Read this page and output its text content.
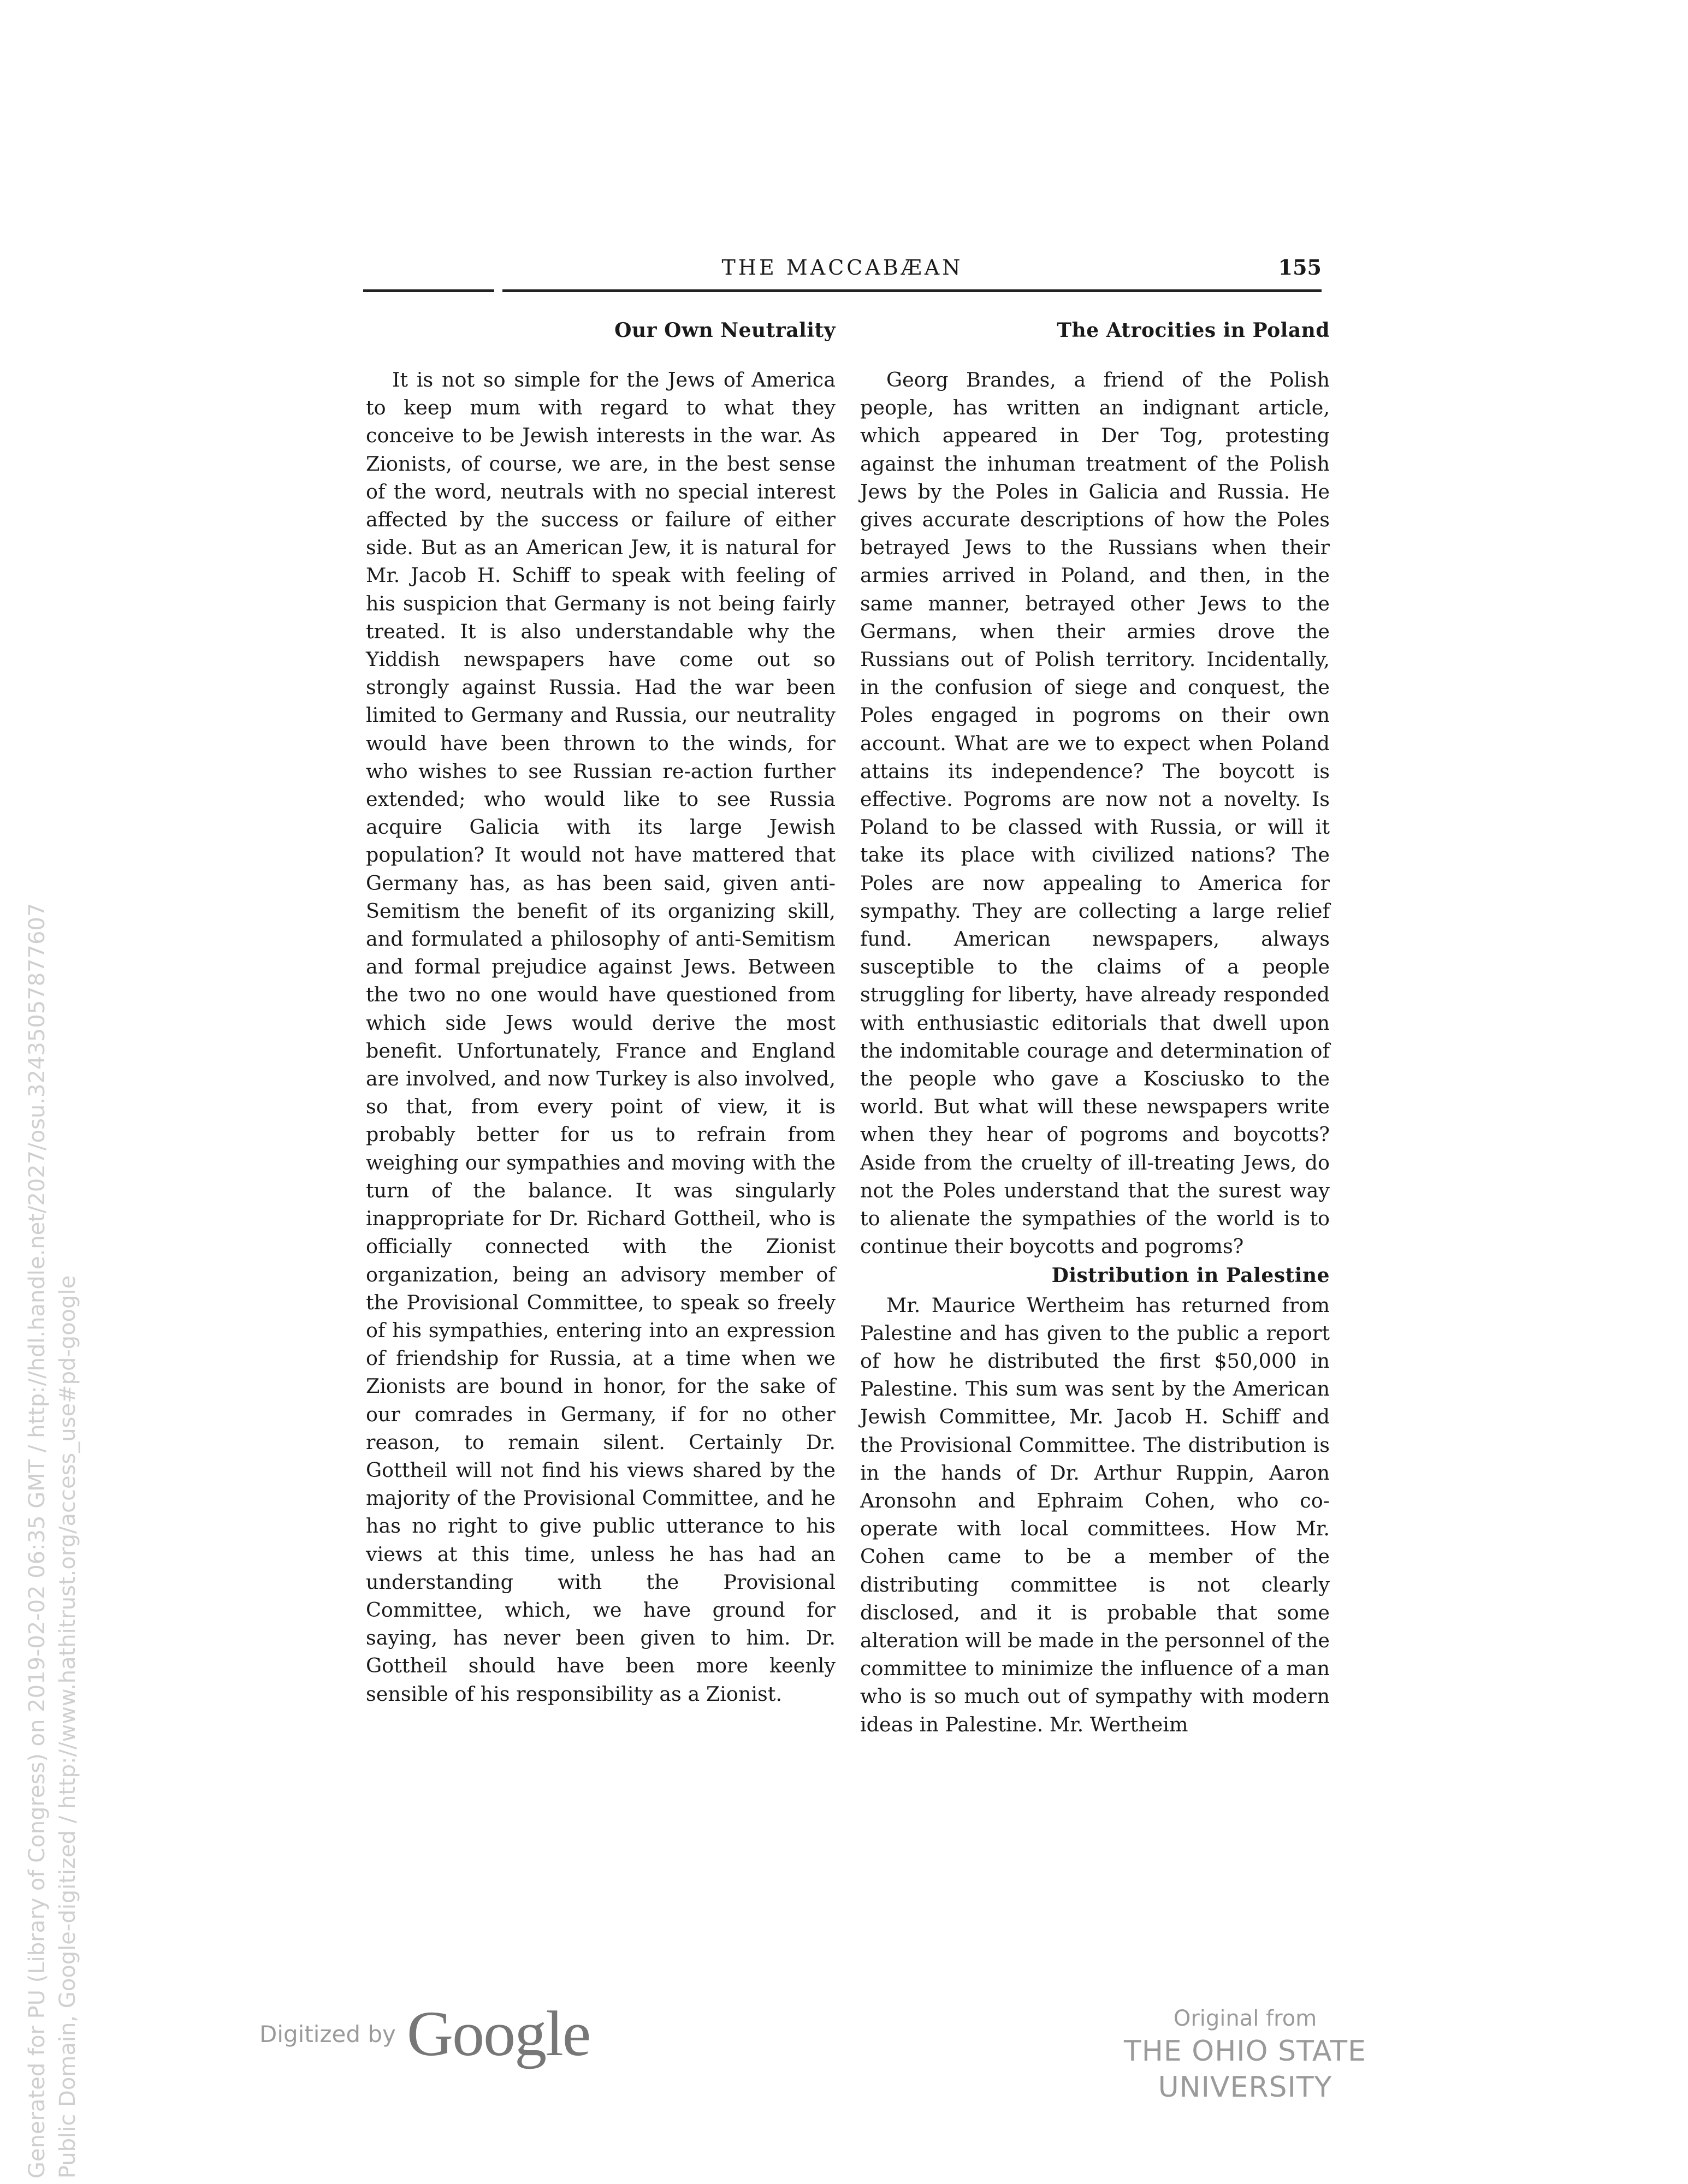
THE MACCABÆAN	155
Our Own Neutrality

It is not so simple for the Jews of America to keep mum with regard to what they conceive to be Jewish interests in the war. As Zionists, of course, we are, in the best sense of the word, neutrals with no special interest affected by the success or failure of either side. But as an American Jew, it is natural for Mr. Jacob H. Schiff to speak with feeling of his suspicion that Germany is not being fairly treated. It is also understandable why the Yiddish newspapers have come out so strongly against Russia. Had the war been limited to Germany and Russia, our neutrality would have been thrown to the winds, for who wishes to see Russian re-action further extended; who would like to see Russia acquire Galicia with its large Jewish population? It would not have mattered that Germany has, as has been said, given anti-Semitism the benefit of its organizing skill, and formulated a philosophy of anti-Semitism and formal prejudice against Jews. Between the two no one would have questioned from which side Jews would derive the most benefit. Unfortunately, France and England are involved, and now Turkey is also involved, so that, from every point of view, it is probably better for us to refrain from weighing our sympathies and moving with the turn of the balance. It was singularly inappropriate for Dr. Richard Gottheil, who is officially connected with the Zionist organization, being an advisory member of the Provisional Committee, to speak so freely of his sympathies, entering into an expression of friendship for Russia, at a time when we Zionists are bound in honor, for the sake of our comrades in Germany, if for no other reason, to remain silent. Certainly Dr. Gottheil will not find his views shared by the majority of the Provisional Committee, and he has no right to give public utterance to his views at this time, unless he has had an understanding with the Provisional Committee, which, we have ground for saying, has never been given to him. Dr. Gottheil should have been more keenly sensible of his responsibility as a Zionist.

The Atrocities in Poland

Georg Brandes, a friend of the Polish people, has written an indignant article, which appeared in Der Tog, protesting against the inhuman treatment of the Polish Jews by the Poles in Galicia and Russia. He gives accurate descriptions of how the Poles betrayed Jews to the Russians when their armies arrived in Poland, and then, in the same manner, betrayed other Jews to the Germans, when their armies drove the Russians out of Polish territory. Incidentally, in the confusion of siege and conquest, the Poles engaged in pogroms on their own account. What are we to expect when Poland attains its independence? The boycott is effective. Pogroms are now not a novelty. Is Poland to be classed with Russia, or will it take its place with civilized nations? The Poles are now appealing to America for sympathy. They are collecting a large relief fund. American newspapers, always susceptible to the claims of a people struggling for liberty, have already responded with enthusiastic editorials that dwell upon the indomitable courage and determination of the people who gave a Kosciusko to the world. But what will these newspapers write when they hear of pogroms and boycotts? Aside from the cruelty of ill-treating Jews, do not the Poles understand that the surest way to alienate the sympathies of the world is to continue their boycotts and pogroms?

Distribution in Palestine

Mr. Maurice Wertheim has returned from Palestine and has given to the public a report of how he distributed the first $50,000 in Palestine. This sum was sent by the American Jewish Committee, Mr. Jacob H. Schiff and the Provisional Committee. The distribution is in the hands of Dr. Arthur Ruppin, Aaron Aronsohn and Ephraim Cohen, who co-operate with local committees. How Mr. Cohen came to be a member of the distributing committee is not clearly disclosed, and it is probable that some alteration will be made in the personnel of the committee to minimize the influence of a man who is so much out of sympathy with modern ideas in Palestine. Mr. Wertheim

Digitized by Google	Original from
THE OHIO STATE UNIVERSITY
Generated for PU (Library of Congress) on 2019-02-02 06:35 GMT / http://hdl.handle.net/2027/osu.32435057877607 Public Domain, Google-digitized / http://www.hathitrust.org/access_use#pd-google
